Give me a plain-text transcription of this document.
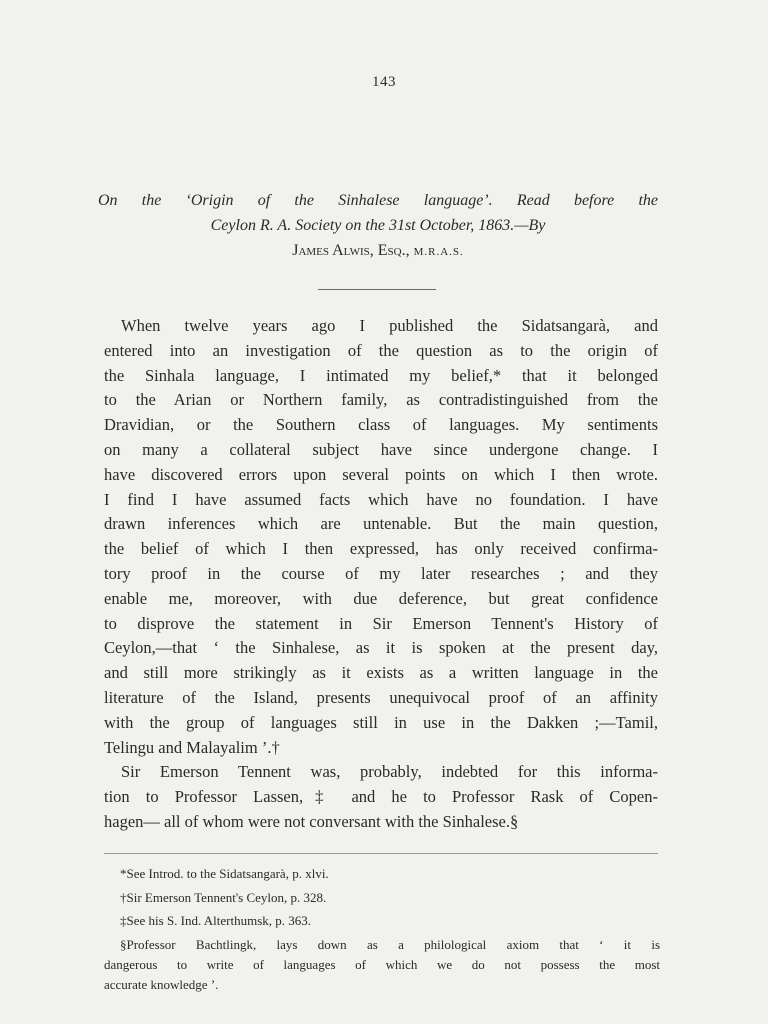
143
On the ‘Origin of the Sinhalese language’. Read before the
Ceylon R. A. Society on the 31st October, 1863.—By
James Alwis, Esq., M.R.A.S.
When twelve years ago I published the Sidatsangarà, and
entered into an investigation of the question as to the origin of
the Sinhala language, I intimated my belief,* that it belonged
to the Arian or Northern family, as contradistinguished from the
Dravidian, or the Southern class of languages. My sentiments
on many a collateral subject have since undergone change. I
have discovered errors upon several points on which I then wrote.
I find I have assumed facts which have no foundation. I have
drawn inferences which are untenable. But the main question,
the belief of which I then expressed, has only received confirma-
tory proof in the course of my later researches ; and they
enable me, moreover, with due deference, but great confidence
to disprove the statement in Sir Emerson Tennent's History of
Ceylon,—that ‘ the Sinhalese, as it is spoken at the present day,
and still more strikingly as it exists as a written language in the
literature of the Island, presents unequivocal proof of an affinity
with the group of languages still in use in the Dakken ;—Tamil,
Telingu and Malayalim ’.†
Sir Emerson Tennent was, probably, indebted for this informa-
tion to Professor Lassen,‡ and he to Professor Rask of Copen-
hagen— all of whom were not conversant with the Sinhalese.§
*See Introd. to the Sidatsangarà, p. xlvi.
†Sir Emerson Tennent's Ceylon, p. 328.
‡See his S. Ind. Alterthumsk, p. 363.
§Professor Bachtlingk, lays down as a philological axiom that ‘ it is
dangerous to write of languages of which we do not possess the most
accurate knowledge ’.
